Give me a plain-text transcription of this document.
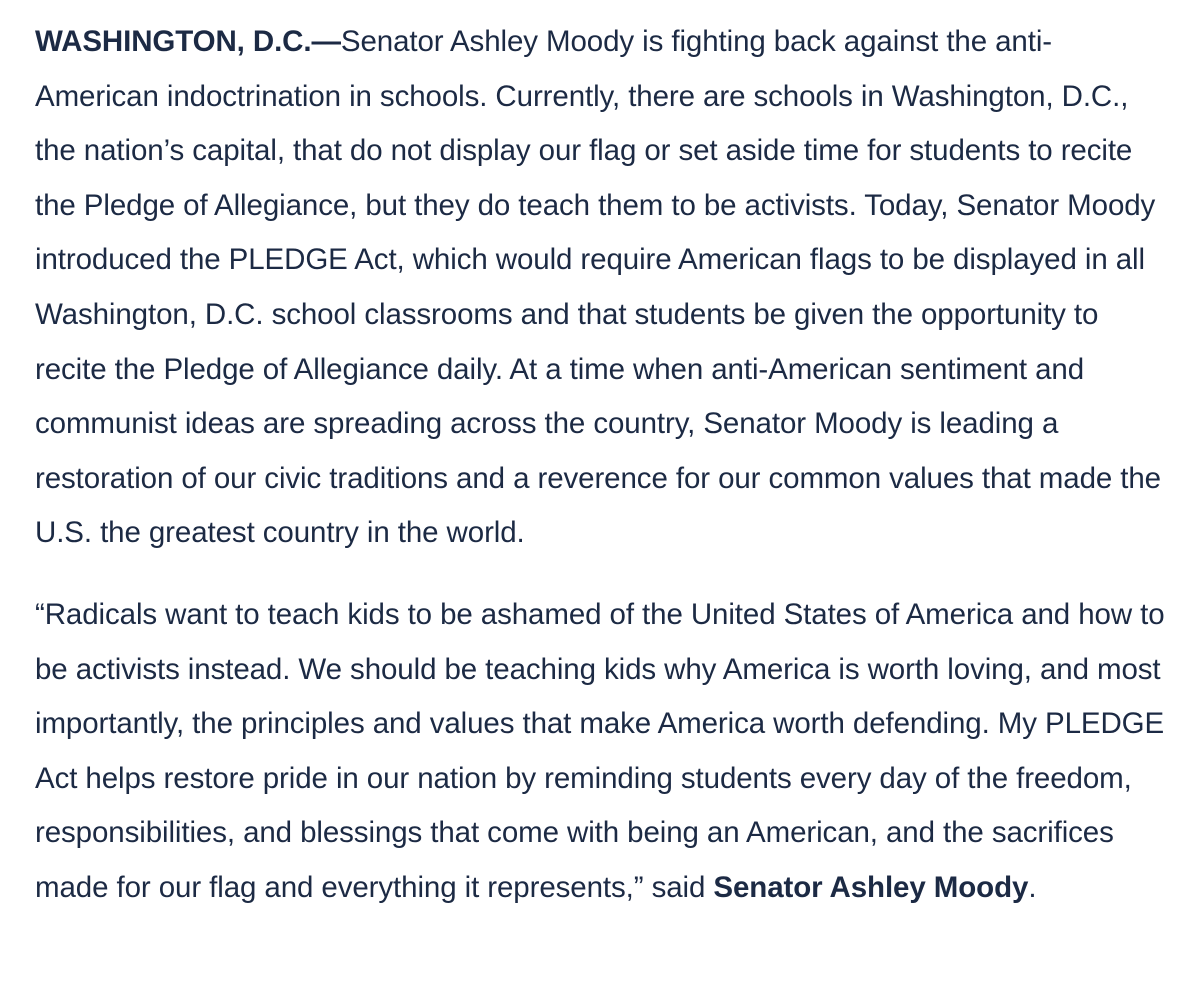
WASHINGTON, D.C.—Senator Ashley Moody is fighting back against the anti-American indoctrination in schools. Currently, there are schools in Washington, D.C., the nation’s capital, that do not display our flag or set aside time for students to recite the Pledge of Allegiance, but they do teach them to be activists. Today, Senator Moody introduced the PLEDGE Act, which would require American flags to be displayed in all Washington, D.C. school classrooms and that students be given the opportunity to recite the Pledge of Allegiance daily. At a time when anti-American sentiment and communist ideas are spreading across the country, Senator Moody is leading a restoration of our civic traditions and a reverence for our common values that made the U.S. the greatest country in the world.

“Radicals want to teach kids to be ashamed of the United States of America and how to be activists instead. We should be teaching kids why America is worth loving, and most importantly, the principles and values that make America worth defending. My PLEDGE Act helps restore pride in our nation by reminding students every day of the freedom, responsibilities, and blessings that come with being an American, and the sacrifices made for our flag and everything it represents,” said Senator Ashley Moody.
